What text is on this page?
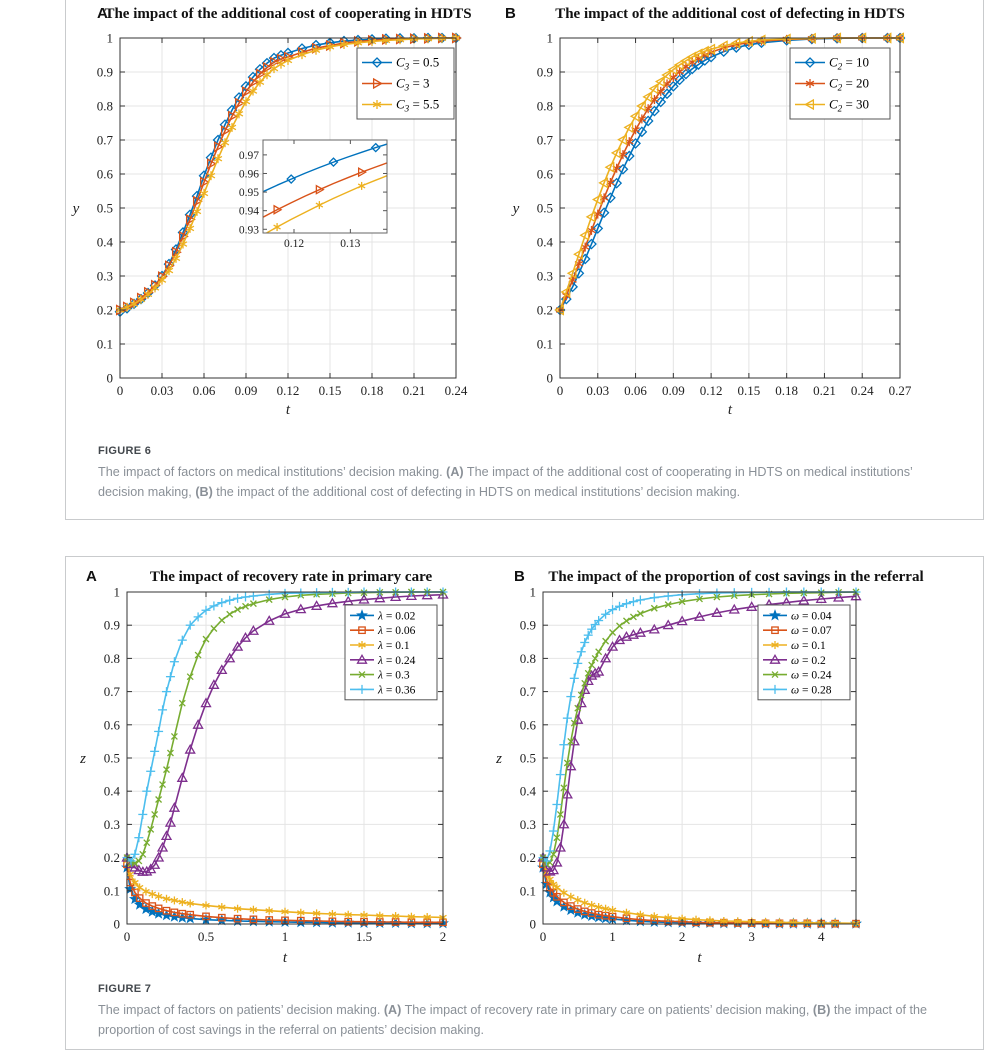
0 0.03 0.06 0.09 0.12 0.15 0.18 0.21 0.24
0
0.1
0.2
0.3
0.4
0.5
0.6
0.7
0.8
0.9
1
A
The impact of the additional cost of cooperating in HDTS
t
y
$C_3 = 0.5$
$C_3 = 3$
$C_3 = 5.5$
0.12	0.13
0.93
0.94
0.95
0.96
0.97
0 0.03 0.06 0.09 0.12 0.15 0.18 0.21 0.24 0.27
0
0.1
0.2
0.3
0.4
0.5
0.6
0.7
0.8
0.9
1
B	The impact of the additional cost of defecting in HDTS
t
y
$C_2 = 10$
$C_2 = 20$
$C_2 = 30$
FIGURE 6

The impact of factors on medical institutions’ decision making. (A) The impact of the additional cost of cooperating in HDTS on medical institutions’ decision making, (B) the impact of the additional cost of defecting in HDTS on medical institutions’ decision making.

0	0.5	1	1.5	2
0
0.1
0.2
0.3
0.4
0.5
0.6
0.7
0.8
0.9
1
A	The impact of recovery rate in primary care
t
z
λ = 0.02
λ = 0.06
λ = 0.1
λ = 0.24
λ = 0.3
λ = 0.36
0	1	2	3	4
0
0.1
0.2
0.3
0.4
0.5
0.6
0.7
0.8
0.9
1
B The impact of the proportion of cost savings in the referral
t
z
ω = 0.04
ω = 0.07
ω = 0.1
ω = 0.2
ω = 0.24
ω = 0.28
FIGURE 7

The impact of factors on patients’ decision making. (A) The impact of recovery rate in primary care on patients’ decision making, (B) the impact of the proportion of cost savings in the referral on patients’ decision making.
